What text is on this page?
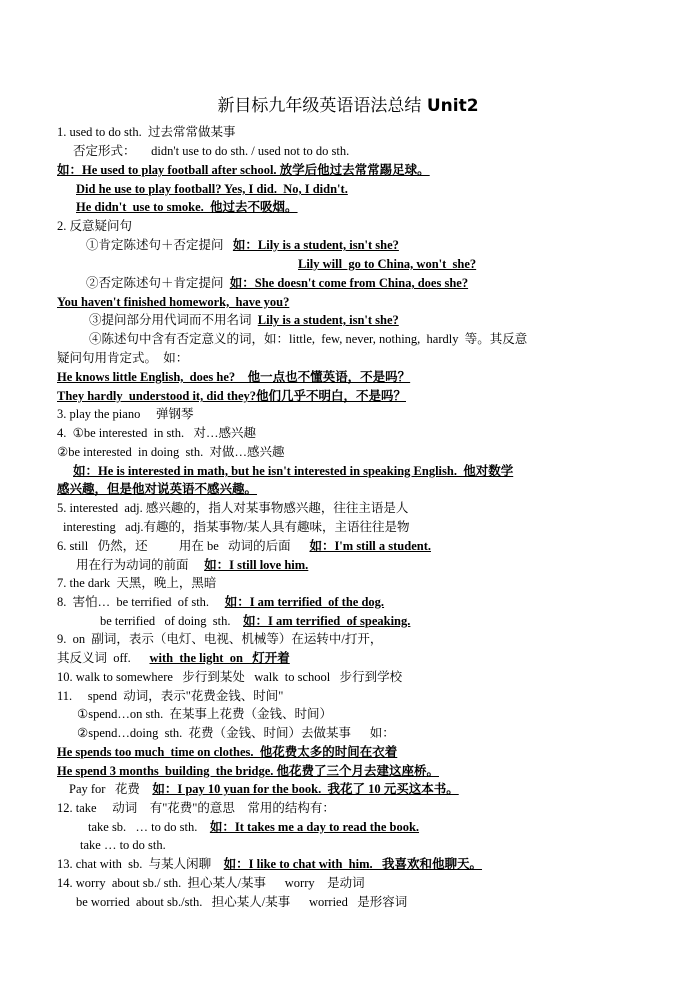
新目标九年级英语语法总结 Unit2
1. used to do sth.  过去常常做某事
否定形式：     didn't use to do sth. / used not to do sth.
如：He used to play football after school. 放学后他过去常常踢足球。
Did he use to play football? Yes, I did.  No, I didn't.
He didn't  use to smoke.  他过去不吸烟。
2. 反意疑问句
①肯定陈述句＋否定提问   如：Lily is a student, isn't she?
Lily will  go to China, won't  she?
②否定陈述句＋肯定提问  如：She doesn't come from China, does she?
You haven't finished homework,  have you?
③提问部分用代词而不用名词  Lily is a student, isn't she?
④陈述句中含有否定意义的词，如：little,  few, never, nothing,  hardly  等。其反意
疑问句用肯定式。  如：
He knows little English,  does he?    他一点也不懂英语，不是吗？
They hardly  understood it, did they?他们几乎不明白，不是吗？
3. play the piano     弹钢琴
4.  ①be interested  in sth.   对…感兴趣
②be interested  in doing  sth.  对做…感兴趣
如：He is interested in math, but he isn't interested in speaking English.  他对数学
感兴趣，但是他对说英语不感兴趣。
5. interested  adj. 感兴趣的，指人对某事物感兴趣，往往主语是人
interesting   adj.有趣的，指某事物/某人具有趣味，主语往往是物
6. still   仍然，还          用在 be   动词的后面      如：I'm still a student.
用在行为动词的前面     如：I still love him.
7. the dark  天黑，晚上，黑暗
8.  害怕…  be terrified  of sth.     如：I am terrified  of the dog.
be terrified   of doing  sth.    如：I am terrified  of speaking.
9.  on  副词，表示（电灯、电视、机械等）在运转中/打开，
其反义词  off.      with  the light  on   灯开着
10. walk to somewhere   步行到某处   walk  to school   步行到学校
11.     spend  动词，表示"花费金钱、时间"
①spend…on sth.  在某事上花费（金钱、时间）
②spend…doing  sth.  花费（金钱、时间）去做某事      如：
He spends too much  time on clothes.  他花费太多的时间在衣着
He spend 3 months  building  the bridge. 他花费了三个月去建这座桥。
Pay for   花费    如：I pay 10 yuan for the book.  我花了 10 元买这本书。
12. take     动词    有"花费"的意思    常用的结构有：
take sb.   … to do sth.    如：It takes me a day to read the book.
take … to do sth.
13. chat with  sb.  与某人闲聊    如：I like to chat with  him.   我喜欢和他聊天。
14. worry  about sb./ sth.  担心某人/某事      worry    是动词
be worried  about sb./sth.   担心某人/某事      worried   是形容词
